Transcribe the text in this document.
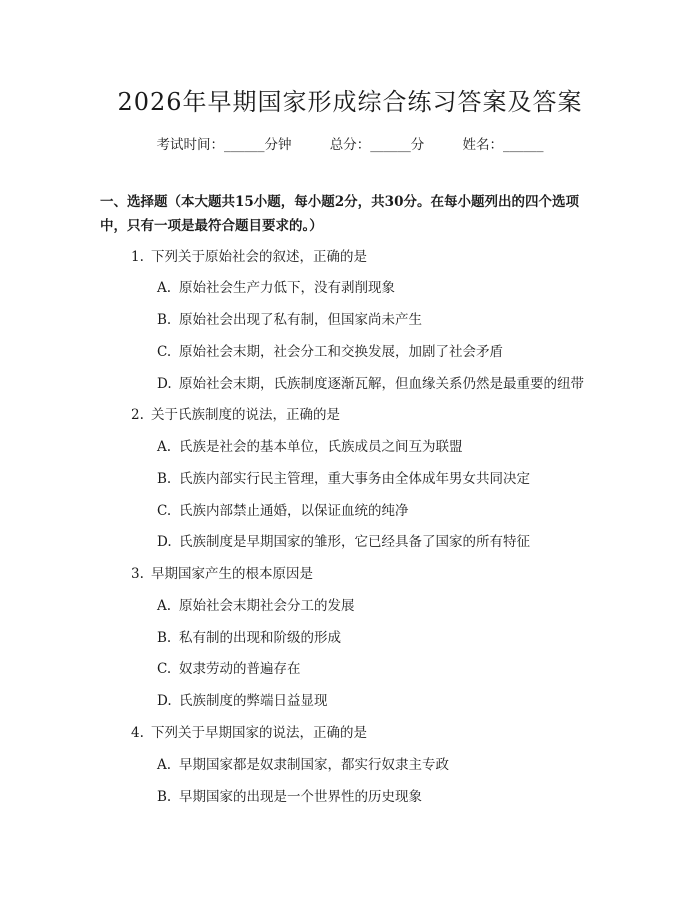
2026年早期国家形成综合练习答案及答案
考试时间：______分钟	总分：______分	姓名：______
一、选择题（本大题共15小题，每小题2分，共30分。在每小题列出的四个选项中，只有一项是最符合题目要求的。）
1. 下列关于原始社会的叙述，正确的是
A. 原始社会生产力低下，没有剥削现象
B. 原始社会出现了私有制，但国家尚未产生
C. 原始社会末期，社会分工和交换发展，加剧了社会矛盾
D. 原始社会末期，氏族制度逐渐瓦解，但血缘关系仍然是最重要的纽带
2. 关于氏族制度的说法，正确的是
A. 氏族是社会的基本单位，氏族成员之间互为联盟
B. 氏族内部实行民主管理，重大事务由全体成年男女共同决定
C. 氏族内部禁止通婚，以保证血统的纯净
D. 氏族制度是早期国家的雏形，它已经具备了国家的所有特征
3. 早期国家产生的根本原因是
A. 原始社会末期社会分工的发展
B. 私有制的出现和阶级的形成
C. 奴隶劳动的普遍存在
D. 氏族制度的弊端日益显现
4. 下列关于早期国家的说法，正确的是
A. 早期国家都是奴隶制国家，都实行奴隶主专政
B. 早期国家的出现是一个世界性的历史现象
